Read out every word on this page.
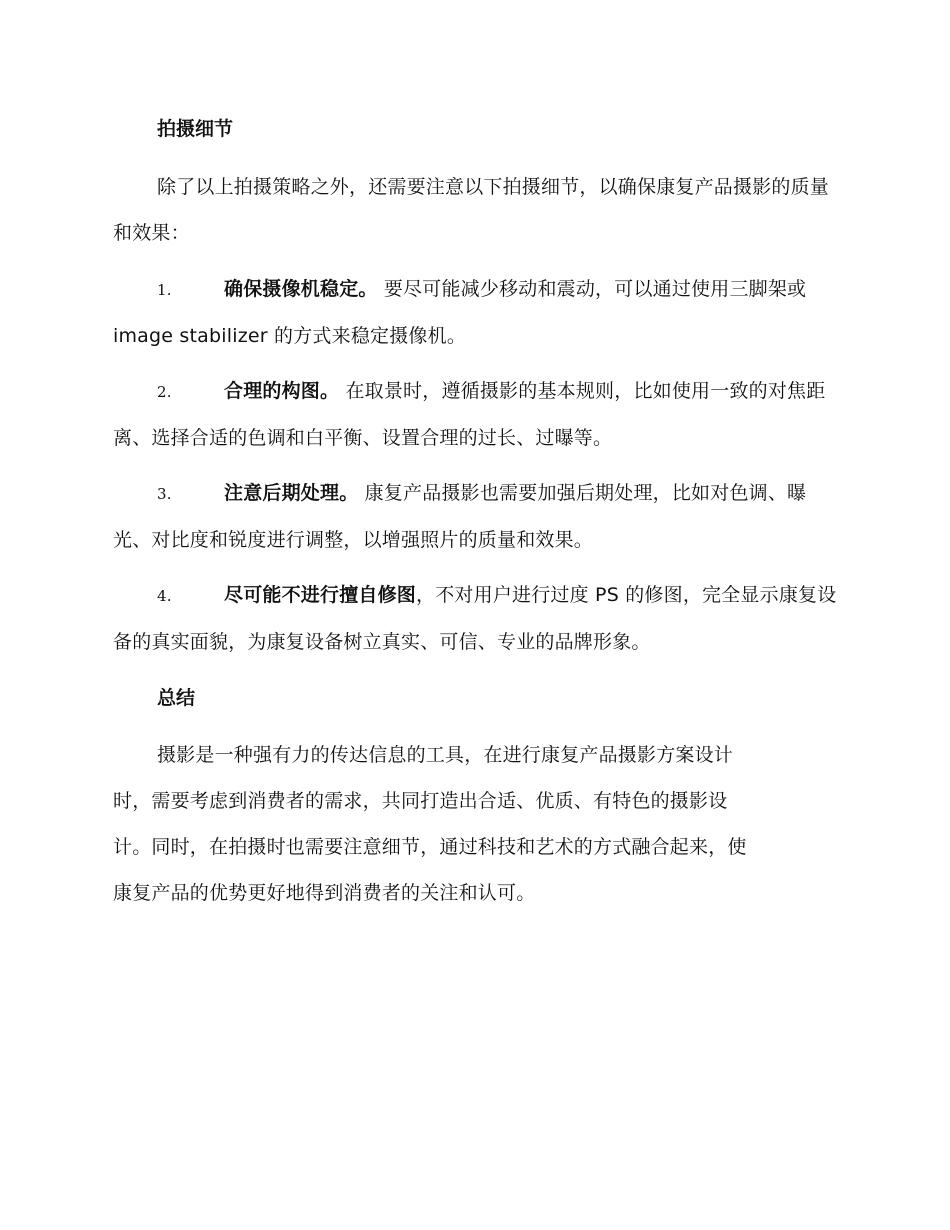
拍摄细节
除了以上拍摄策略之外，还需要注意以下拍摄细节，以确保康复产品摄影的质量和效果：
1.	确保摄像机稳定。 要尽可能减少移动和震动，可以通过使用三脚架或 image stabilizer 的方式来稳定摄像机。
2.	合理的构图。 在取景时，遵循摄影的基本规则，比如使用一致的对焦距离、选择合适的色调和白平衡、设置合理的过长、过曝等。
3.	注意后期处理。 康复产品摄影也需要加强后期处理，比如对色调、曝光、对比度和锐度进行调整，以增强照片的质量和效果。
4.	尽可能不进行擅自修图，不对用户进行过度 PS 的修图，完全显示康复设备的真实面貌，为康复设备树立真实、可信、专业的品牌形象。
总结
摄影是一种强有力的传达信息的工具，在进行康复产品摄影方案设计
时，需要考虑到消费者的需求，共同打造出合适、优质、有特色的摄影设
计。同时，在拍摄时也需要注意细节，通过科技和艺术的方式融合起来，使
康复产品的优势更好地得到消费者的关注和认可。
